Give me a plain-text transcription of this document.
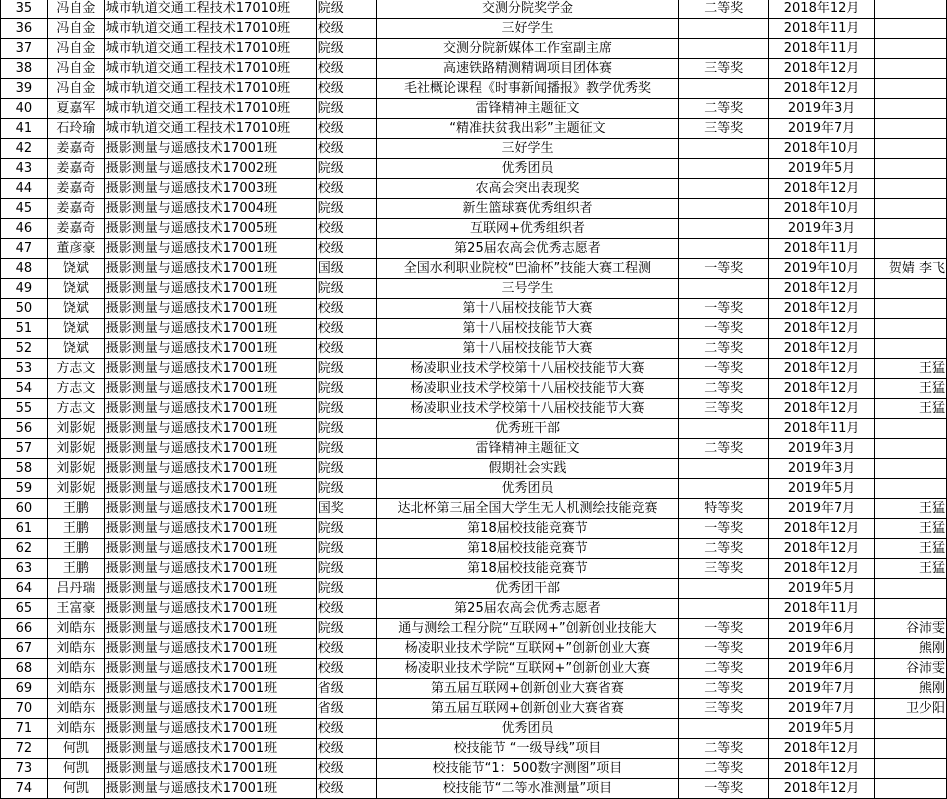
35	冯自金	城市轨道交通工程技术17010班	院级	交测分院奖学金	二等奖	2018年12月	
36	冯自金	城市轨道交通工程技术17010班	校级	三好学生		2018年11月	
37	冯自金	城市轨道交通工程技术17010班	院级	交测分院新媒体工作室副主席		2018年11月	
38	冯自金	城市轨道交通工程技术17010班	校级	高速铁路精测精调项目团体赛	三等奖	2018年12月	
39	冯自金	城市轨道交通工程技术17010班	校级	毛社概论课程《时事新闻播报》教学优秀奖		2018年12月	
40	夏嘉军	城市轨道交通工程技术17010班	院级	雷锋精神主题征文	二等奖	2019年3月	
41	石玲瑜	城市轨道交通工程技术17010班	校级	“精准扶贫我出彩”主题征文	三等奖	2019年7月	
42	姜嘉奇	摄影测量与遥感技术17001班	校级	三好学生		2018年10月	
43	姜嘉奇	摄影测量与遥感技术17002班	院级	优秀团员		2019年5月	
44	姜嘉奇	摄影测量与遥感技术17003班	校级	农高会突出表现奖		2018年12月	
45	姜嘉奇	摄影测量与遥感技术17004班	院级	新生篮球赛优秀组织者		2018年10月	
46	姜嘉奇	摄影测量与遥感技术17005班	校级	互联网+优秀组织者		2019年3月	
47	董彦豪	摄影测量与遥感技术17001班	校级	第25届农高会优秀志愿者		2018年11月	
48	饶斌	摄影测量与遥感技术17001班	国级	全国水利职业院校“巴渝杯”技能大赛工程测	一等奖	2019年10月	贺婧 李飞
49	饶斌	摄影测量与遥感技术17001班	院级	三号学生		2018年12月	
50	饶斌	摄影测量与遥感技术17001班	校级	第十八届校技能节大赛	一等奖	2018年12月	
51	饶斌	摄影测量与遥感技术17001班	校级	第十八届校技能节大赛	一等奖	2018年12月	
52	饶斌	摄影测量与遥感技术17001班	校级	第十八届校技能节大赛	二等奖	2018年12月	
53	方志文	摄影测量与遥感技术17001班	院级	杨凌职业技术学校第十八届校技能节大赛	一等奖	2018年12月	王猛
54	方志文	摄影测量与遥感技术17001班	院级	杨凌职业技术学校第十八届校技能节大赛	二等奖	2018年12月	王猛
55	方志文	摄影测量与遥感技术17001班	院级	杨凌职业技术学校第十八届校技能节大赛	三等奖	2018年12月	王猛
56	刘影妮	摄影测量与遥感技术17001班	院级	优秀班干部		2018年11月	
57	刘影妮	摄影测量与遥感技术17001班	院级	雷锋精神主题征文	二等奖	2019年3月	
58	刘影妮	摄影测量与遥感技术17001班	院级	假期社会实践		2019年3月	
59	刘影妮	摄影测量与遥感技术17001班	院级	优秀团员		2019年5月	
60	王鹏	摄影测量与遥感技术17001班	国奖	达北杯第三届全国大学生无人机测绘技能竞赛	特等奖	2019年7月	王猛
61	王鹏	摄影测量与遥感技术17001班	院级	第18届校技能竞赛节	一等奖	2018年12月	王猛
62	王鹏	摄影测量与遥感技术17001班	院级	第18届校技能竞赛节	二等奖	2018年12月	王猛
63	王鹏	摄影测量与遥感技术17001班	院级	第18届校技能竞赛节	三等奖	2018年12月	王猛
64	吕丹瑞	摄影测量与遥感技术17001班	院级	优秀团干部		2019年5月	
65	王富豪	摄影测量与遥感技术17001班	校级	第25届农高会优秀志愿者		2018年11月	
66	刘皓东	摄影测量与遥感技术17001班	院级	通与测绘工程分院“互联网+”创新创业技能大	一等奖	2019年6月	谷沛雯
67	刘皓东	摄影测量与遥感技术17001班	校级	杨凌职业技术学院“互联网+”创新创业大赛	一等奖	2019年6月	熊刚
68	刘皓东	摄影测量与遥感技术17001班	校级	杨凌职业技术学院“互联网+”创新创业大赛	二等奖	2019年6月	谷沛雯
69	刘皓东	摄影测量与遥感技术17001班	省级	第五届互联网+创新创业大赛省赛	二等奖	2019年7月	熊刚
70	刘皓东	摄影测量与遥感技术17001班	省级	第五届互联网+创新创业大赛省赛	三等奖	2019年7月	卫少阳
71	刘皓东	摄影测量与遥感技术17001班	校级	优秀团员		2019年5月	
72	何凯	摄影测量与遥感技术17001班	校级	校技能节 “一级导线”项目	二等奖	2018年12月	
73	何凯	摄影测量与遥感技术17001班	校级	校技能节“1：500数字测图”项目	二等奖	2018年12月	
74	何凯	摄影测量与遥感技术17001班	校级	校技能节“二等水准测量”项目	一等奖	2018年12月	
